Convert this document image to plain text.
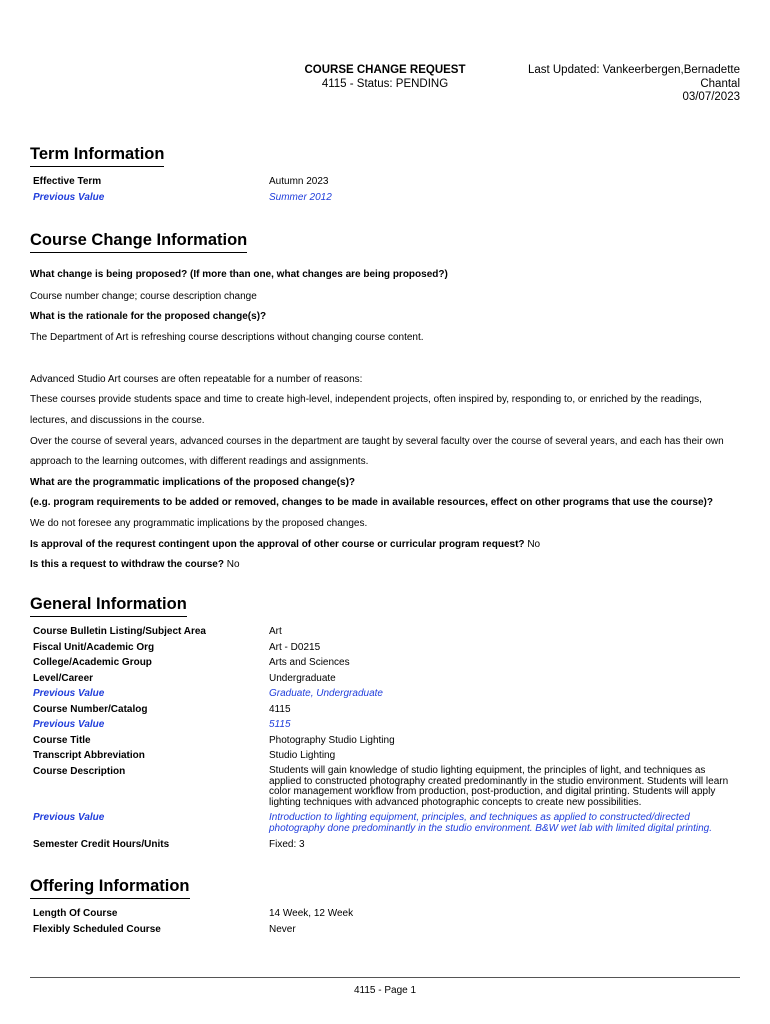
COURSE CHANGE REQUEST
4115 - Status: PENDING
Last Updated: Vankeerbergen,Bernadette
Chantal
03/07/2023
Term Information
Effective Term	Autumn 2023
Previous Value	Summer 2012
Course Change Information
What change is being proposed? (If more than one, what changes are being proposed?)
Course number change; course description change
What is the rationale for the proposed change(s)?
The Department of Art is refreshing course descriptions without changing course content.
Advanced Studio Art courses are often repeatable for a number of reasons:
These courses provide students space and time to create high-level, independent projects, often inspired by, responding to, or enriched by the readings,
lectures, and discussions in the course.
Over the course of several years, advanced courses in the department are taught by several faculty over the course of several years, and each has their own
approach to the learning outcomes, with different readings and assignments.
What are the programmatic implications of the proposed change(s)?
(e.g. program requirements to be added or removed, changes to be made in available resources, effect on other programs that use the course)?
We do not foresee any programmatic implications by the proposed changes.
Is approval of the requrest contingent upon the approval of other course or curricular program request? No
Is this a request to withdraw the course? No
General Information
Course Bulletin Listing/Subject Area	Art
Fiscal Unit/Academic Org	Art - D0215
College/Academic Group	Arts and Sciences
Level/Career	Undergraduate
Previous Value	Graduate, Undergraduate
Course Number/Catalog	4115
Previous Value	5115
Course Title	Photography Studio Lighting
Transcript Abbreviation	Studio Lighting
Course Description	Students will gain knowledge of studio lighting equipment, the principles of light, and techniques as applied to constructed photography created predominantly in the studio environment. Students will learn color management workflow from production, post-production, and digital printing. Students will apply lighting techniques with advanced photographic concepts to create new possibilities.
Previous Value	Introduction to lighting equipment, principles, and techniques as applied to constructed/directed photography done predominantly in the studio environment. B&W wet lab with limited digital printing.
Semester Credit Hours/Units	Fixed: 3
Offering Information
Length Of Course	14 Week, 12 Week
Flexibly Scheduled Course	Never
4115 - Page 1
